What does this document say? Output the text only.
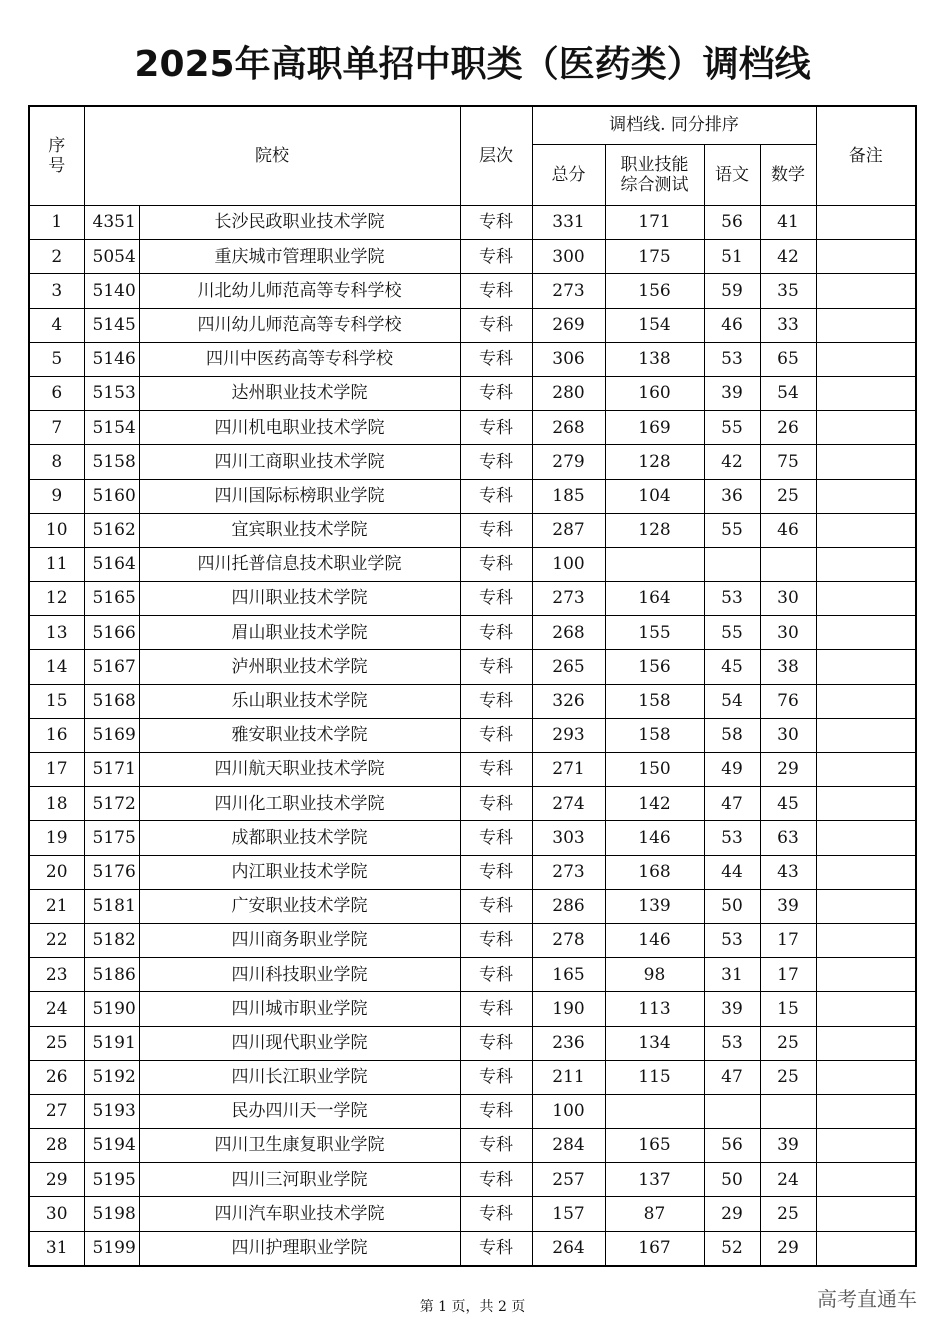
2025年高职单招中职类（医药类）调档线
序号	院校		层次	调档线. 同分排序				备注
				总分	职业技能综合测试	语文	数学	
1	4351	长沙民政职业技术学院	专科	331	171	56	41	
2	5054	重庆城市管理职业学院	专科	300	175	51	42	
3	5140	川北幼儿师范高等专科学校	专科	273	156	59	35	
4	5145	四川幼儿师范高等专科学校	专科	269	154	46	33	
5	5146	四川中医药高等专科学校	专科	306	138	53	65	
6	5153	达州职业技术学院	专科	280	160	39	54	
7	5154	四川机电职业技术学院	专科	268	169	55	26	
8	5158	四川工商职业技术学院	专科	279	128	42	75	
9	5160	四川国际标榜职业学院	专科	185	104	36	25	
10	5162	宜宾职业技术学院	专科	287	128	55	46	
11	5164	四川托普信息技术职业学院	专科	100				
12	5165	四川职业技术学院	专科	273	164	53	30	
13	5166	眉山职业技术学院	专科	268	155	55	30	
14	5167	泸州职业技术学院	专科	265	156	45	38	
15	5168	乐山职业技术学院	专科	326	158	54	76	
16	5169	雅安职业技术学院	专科	293	158	58	30	
17	5171	四川航天职业技术学院	专科	271	150	49	29	
18	5172	四川化工职业技术学院	专科	274	142	47	45	
19	5175	成都职业技术学院	专科	303	146	53	63	
20	5176	内江职业技术学院	专科	273	168	44	43	
21	5181	广安职业技术学院	专科	286	139	50	39	
22	5182	四川商务职业学院	专科	278	146	53	17	
23	5186	四川科技职业学院	专科	165	98	31	17	
24	5190	四川城市职业学院	专科	190	113	39	15	
25	5191	四川现代职业学院	专科	236	134	53	25	
26	5192	四川长江职业学院	专科	211	115	47	25	
27	5193	民办四川天一学院	专科	100				
28	5194	四川卫生康复职业学院	专科	284	165	56	39	
29	5195	四川三河职业学院	专科	257	137	50	24	
30	5198	四川汽车职业技术学院	专科	157	87	29	25	
31	5199	四川护理职业学院	专科	264	167	52	29	
第 1 页，共 2 页	高考直通车
